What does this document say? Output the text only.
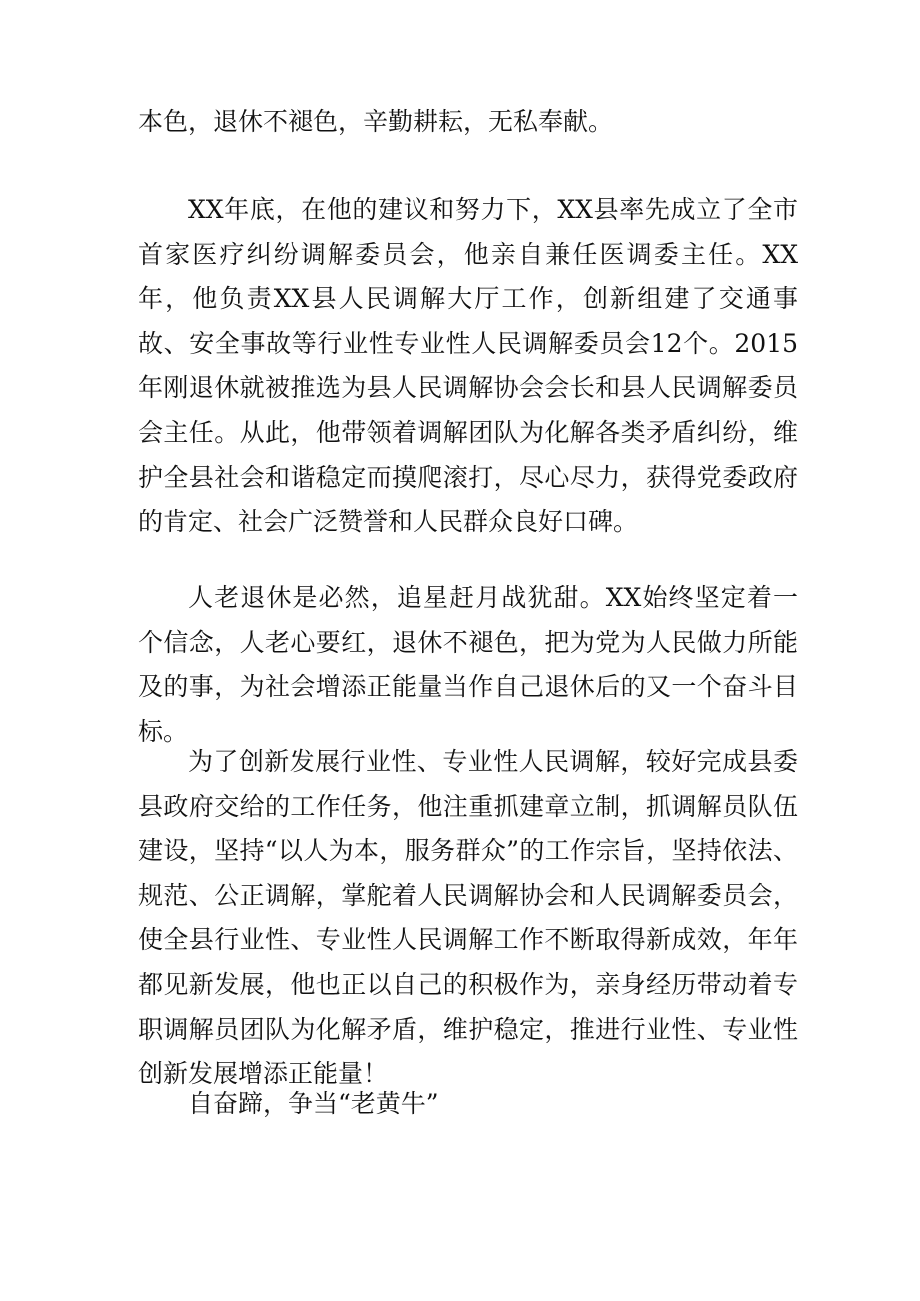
本色，退休不褪色，辛勤耕耘，无私奉献。

XX年底，在他的建议和努力下，XX县率先成立了全市首家医疗纠纷调解委员会，他亲自兼任医调委主任。XX年，他负责XX县人民调解大厅工作，创新组建了交通事故、安全事故等行业性专业性人民调解委员会12个。2015年刚退休就被推选为县人民调解协会会长和县人民调解委员会主任。从此，他带领着调解团队为化解各类矛盾纠纷，维护全县社会和谐稳定而摸爬滚打，尽心尽力，获得党委政府的肯定、社会广泛赞誉和人民群众良好口碑。

人老退休是必然，追星赶月战犹甜。XX始终坚定着一个信念，人老心要红，退休不褪色，把为党为人民做力所能及的事，为社会增添正能量当作自己退休后的又一个奋斗目标。

为了创新发展行业性、专业性人民调解，较好完成县委县政府交给的工作任务，他注重抓建章立制，抓调解员队伍建设，坚持“以人为本，服务群众”的工作宗旨，坚持依法、规范、公正调解，掌舵着人民调解协会和人民调解委员会，使全县行业性、专业性人民调解工作不断取得新成效，年年都见新发展，他也正以自己的积极作为，亲身经历带动着专职调解员团队为化解矛盾，维护稳定，推进行业性、专业性创新发展增添正能量！

自奋蹄，争当“老黄牛”
